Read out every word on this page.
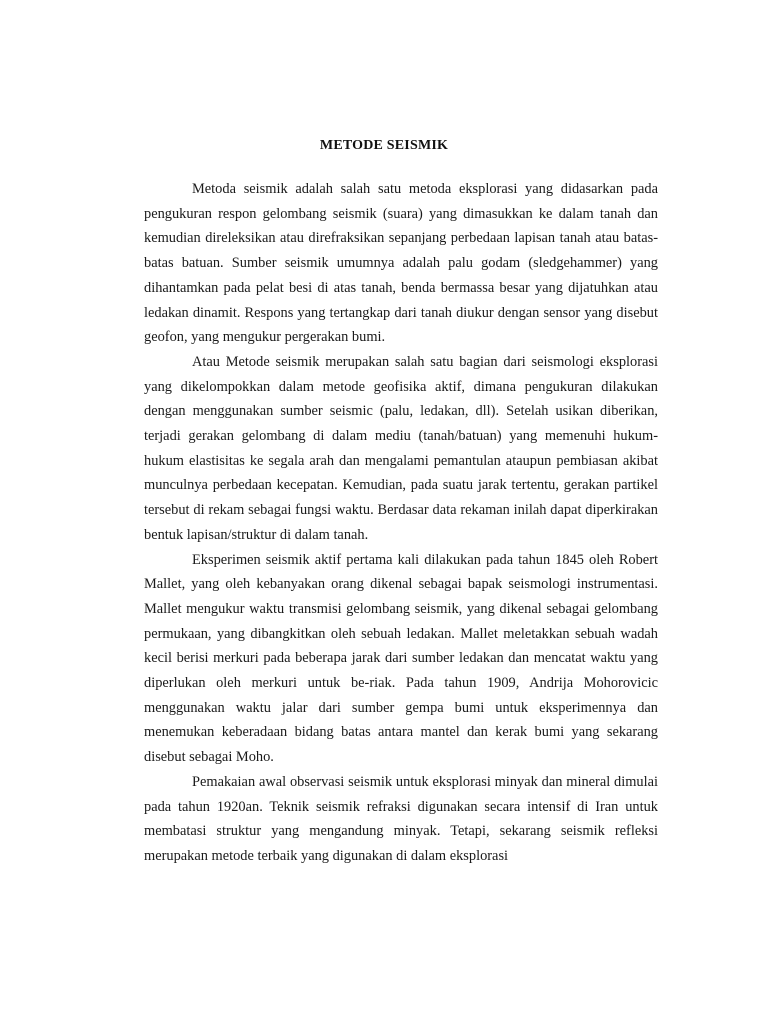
METODE SEISMIK

Metoda seismik adalah salah satu metoda eksplorasi yang didasarkan pada pengukuran respon gelombang seismik (suara) yang dimasukkan ke dalam tanah dan kemudian direleksikan atau direfraksikan sepanjang perbedaan lapisan tanah atau batas-batas batuan. Sumber seismik umumnya adalah palu godam (sledgehammer) yang dihantamkan pada pelat besi di atas tanah, benda bermassa besar yang dijatuhkan atau ledakan dinamit. Respons yang tertangkap dari tanah diukur dengan sensor yang disebut geofon, yang mengukur pergerakan bumi.

Atau Metode seismik merupakan salah satu bagian dari seismologi eksplorasi yang dikelompokkan dalam metode geofisika aktif, dimana pengukuran dilakukan dengan menggunakan sumber seismic (palu, ledakan, dll). Setelah usikan diberikan, terjadi gerakan gelombang di dalam mediu (tanah/batuan) yang memenuhi hukum-hukum elastisitas ke segala arah dan mengalami pemantulan ataupun pembiasan akibat munculnya perbedaan kecepatan. Kemudian, pada suatu jarak tertentu, gerakan partikel tersebut di rekam sebagai fungsi waktu. Berdasar data rekaman inilah dapat diperkirakan bentuk lapisan/struktur di dalam tanah.

Eksperimen seismik aktif pertama kali dilakukan pada tahun 1845 oleh Robert Mallet, yang oleh kebanyakan orang dikenal sebagai bapak seismologi instrumentasi. Mallet mengukur waktu transmisi gelombang seismik, yang dikenal sebagai gelombang permukaan, yang dibangkitkan oleh sebuah ledakan. Mallet meletakkan sebuah wadah kecil berisi merkuri pada beberapa jarak dari sumber ledakan dan mencatat waktu yang diperlukan oleh merkuri untuk be-riak. Pada tahun 1909, Andrija Mohorovicic menggunakan waktu jalar dari sumber gempa bumi untuk eksperimennya dan menemukan keberadaan bidang batas antara mantel dan kerak bumi yang sekarang disebut sebagai Moho.

Pemakaian awal observasi seismik untuk eksplorasi minyak dan mineral dimulai pada tahun 1920an. Teknik seismik refraksi digunakan secara intensif di Iran untuk membatasi struktur yang mengandung minyak. Tetapi, sekarang seismik refleksi merupakan metode terbaik yang digunakan di dalam eksplorasi
